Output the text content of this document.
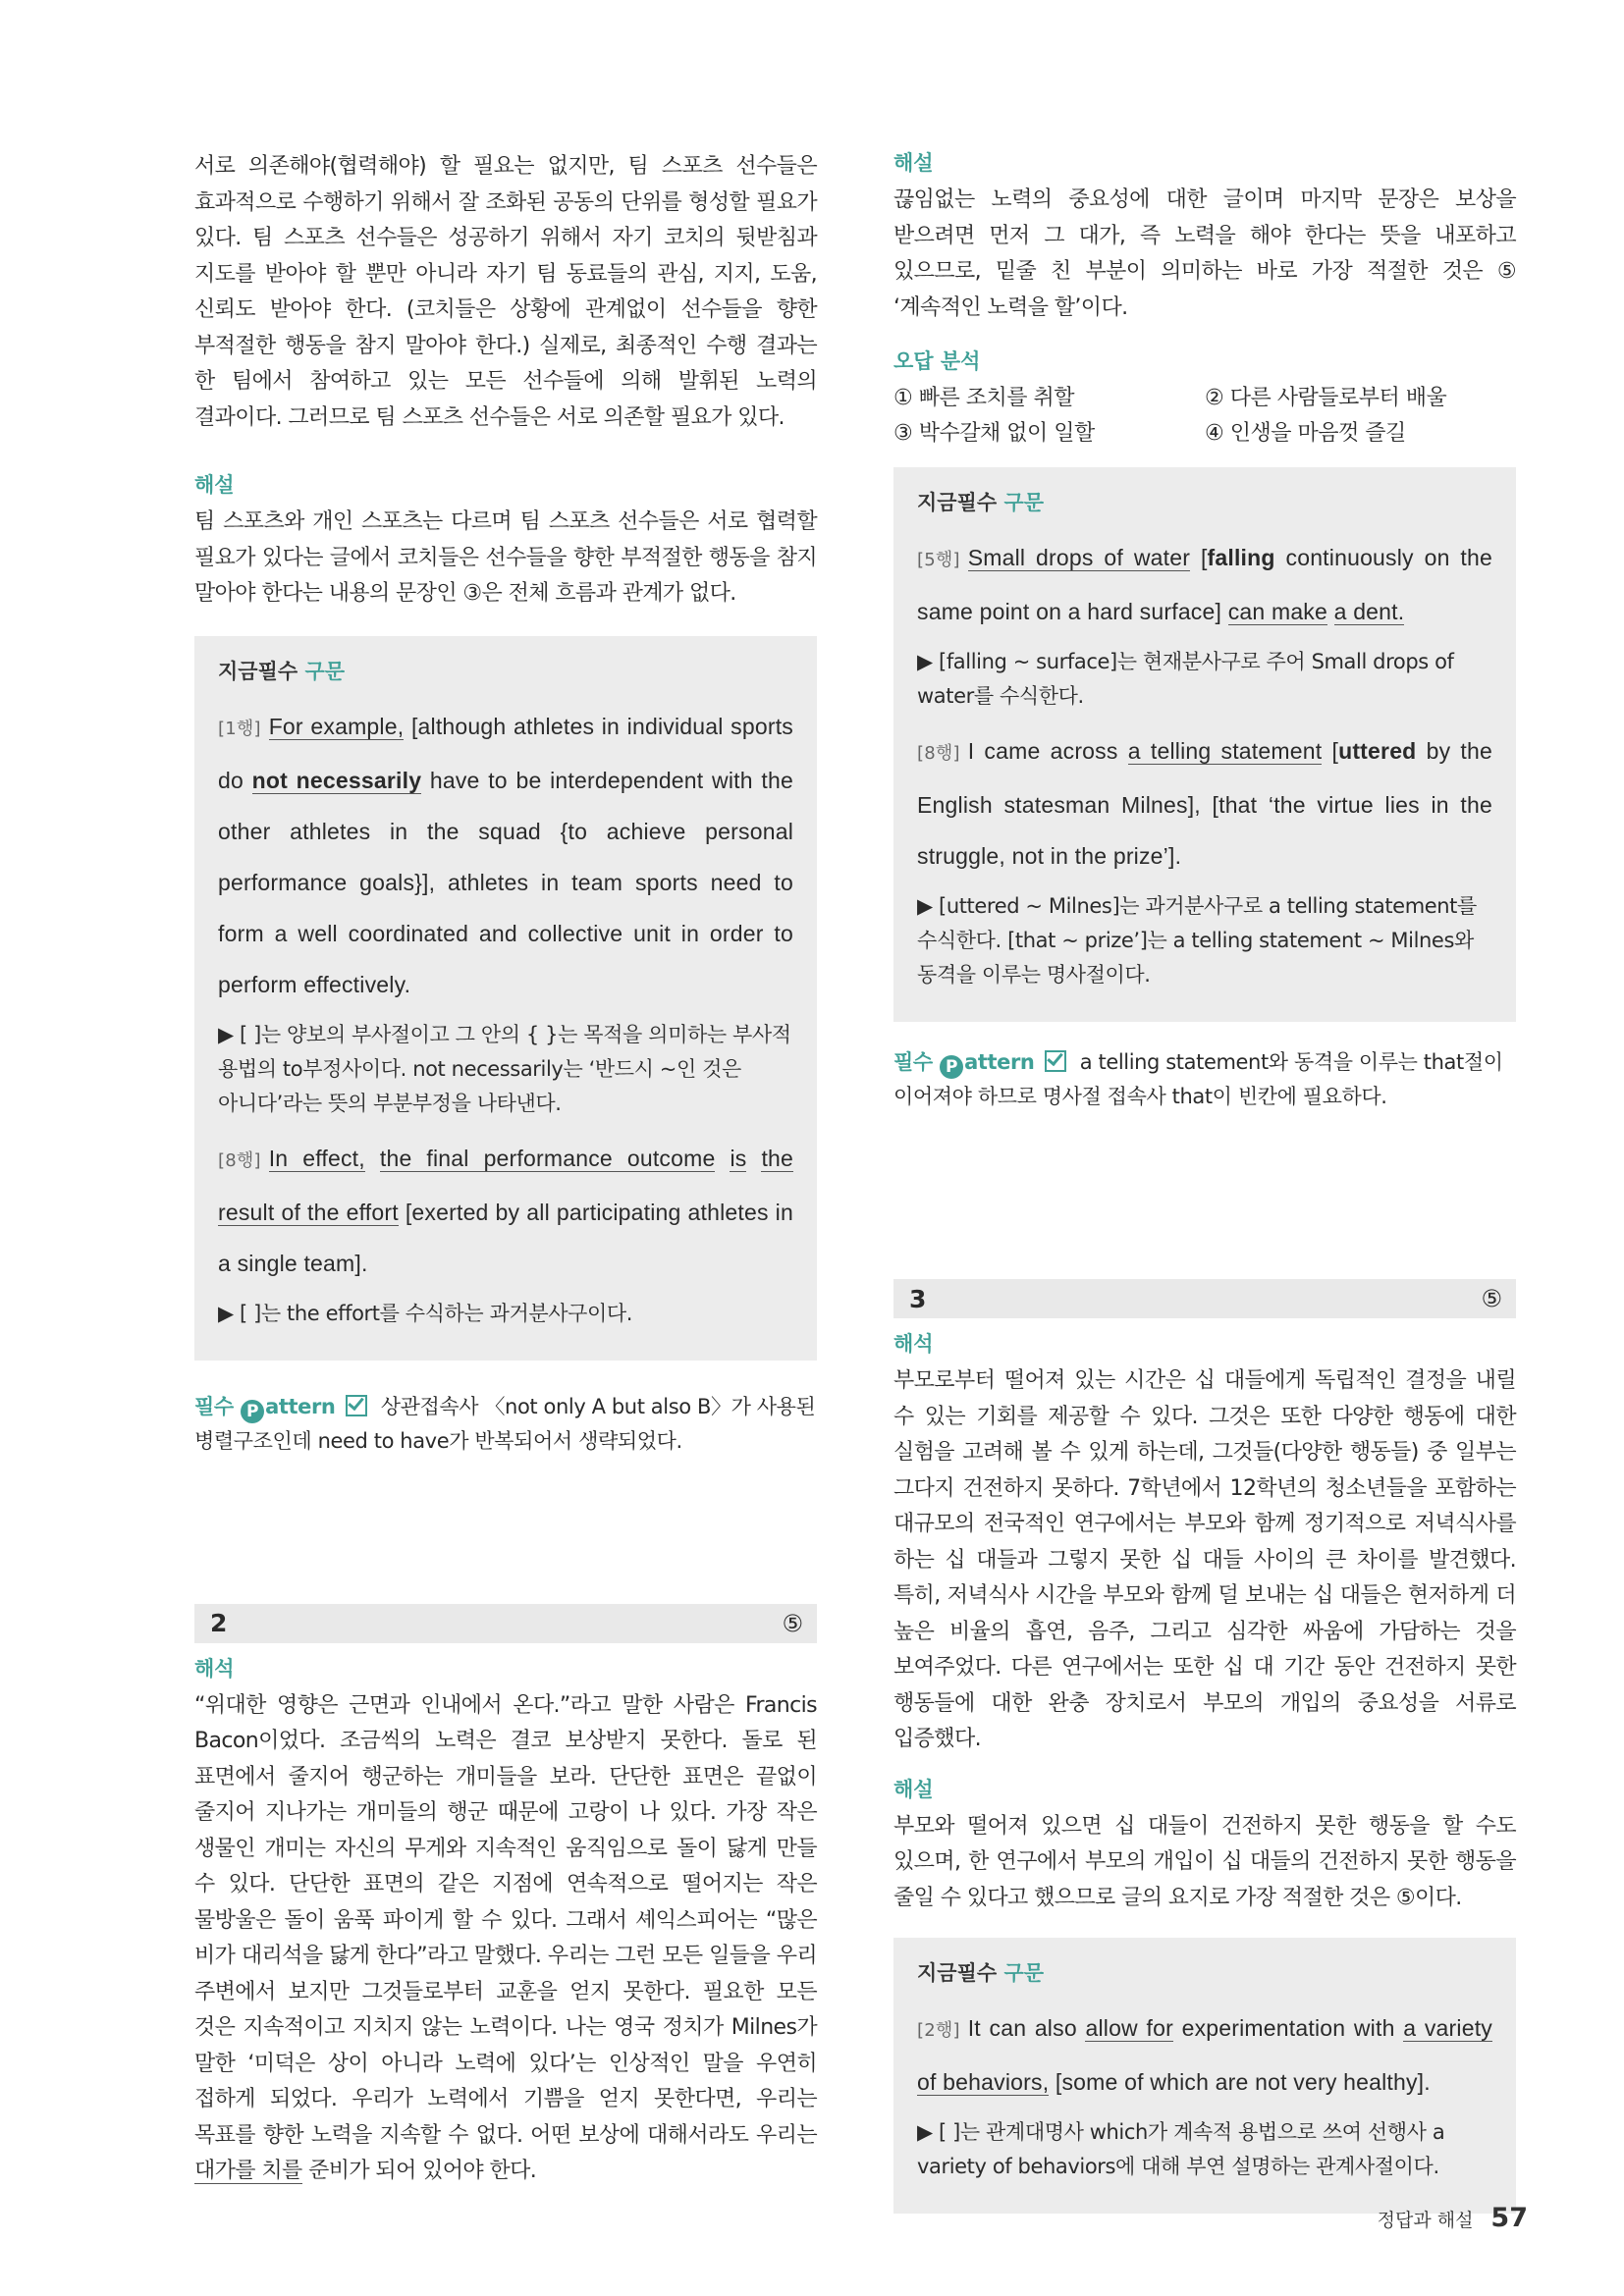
서로 의존해야(협력해야) 할 필요는 없지만, 팀 스포츠 선수들은 효과적으로 수행하기 위해서 잘 조화된 공동의 단위를 형성할 필요가 있다. 팀 스포츠 선수들은 성공하기 위해서 자기 코치의 뒷받침과 지도를 받아야 할 뿐만 아니라 자기 팀 동료들의 관심, 지지, 도움, 신뢰도 받아야 한다. (코치들은 상황에 관계없이 선수들을 향한 부적절한 행동을 참지 말아야 한다.) 실제로, 최종적인 수행 결과는 한 팀에서 참여하고 있는 모든 선수들에 의해 발휘된 노력의 결과이다. 그러므로 팀 스포츠 선수들은 서로 의존할 필요가 있다.

해설

팀 스포츠와 개인 스포츠는 다르며 팀 스포츠 선수들은 서로 협력할 필요가 있다는 글에서 코치들은 선수들을 향한 부적절한 행동을 참지 말아야 한다는 내용의 문장인 ③은 전체 흐름과 관계가 없다.

지금필수 구문

[1행] For example, [although athletes in individual sports do not necessarily have to be interdependent with the other athletes in the squad {to achieve personal performance goals}], athletes in team sports need to form a well coordinated and collective unit in order to perform effectively.

▶ [ ]는 양보의 부사절이고 그 안의 { }는 목적을 의미하는 부사적 용법의 to부정사이다. not necessarily는 ‘반드시 ~인 것은 아니다’라는 뜻의 부분부정을 나타낸다.

[8행] In effect, the final performance outcome is the result of the effort [exerted by all participating athletes in a single team].

▶ [ ]는 the effort를 수식하는 과거분사구이다.

필수 P attern 상관접속사 〈not only A but also B〉가 사용된 병렬구조인데 need to have가 반복되어서 생략되었다.

2	⑤

해석

“위대한 영향은 근면과 인내에서 온다.”라고 말한 사람은 Francis Bacon이었다. 조금씩의 노력은 결코 보상받지 못한다. 돌로 된 표면에서 줄지어 행군하는 개미들을 보라. 단단한 표면은 끝없이 줄지어 지나가는 개미들의 행군 때문에 고랑이 나 있다. 가장 작은 생물인 개미는 자신의 무게와 지속적인 움직임으로 돌이 닳게 만들 수 있다. 단단한 표면의 같은 지점에 연속적으로 떨어지는 작은 물방울은 돌이 움푹 파이게 할 수 있다. 그래서 셰익스피어는 “많은 비가 대리석을 닳게 한다”라고 말했다. 우리는 그런 모든 일들을 우리 주변에서 보지만 그것들로부터 교훈을 얻지 못한다. 필요한 모든 것은 지속적이고 지치지 않는 노력이다. 나는 영국 정치가 Milnes가 말한 ‘미덕은 상이 아니라 노력에 있다’는 인상적인 말을 우연히 접하게 되었다. 우리가 노력에서 기쁨을 얻지 못한다면, 우리는 목표를 향한 노력을 지속할 수 없다. 어떤 보상에 대해서라도 우리는 대가를 치를 준비가 되어 있어야 한다.

해설

끊임없는 노력의 중요성에 대한 글이며 마지막 문장은 보상을 받으려면 먼저 그 대가, 즉 노력을 해야 한다는 뜻을 내포하고 있으므로, 밑줄 친 부분이 의미하는 바로 가장 적절한 것은 ⑤ ‘계속적인 노력을 할’이다.

오답 분석

① 빠른 조치를 취할	② 다른 사람들로부터 배울
③ 박수갈채 없이 일할	④ 인생을 마음껏 즐길

지금필수 구문

[5행] Small drops of water [falling continuously on the same point on a hard surface] can make a dent.

▶ [falling ~ surface]는 현재분사구로 주어 Small drops of water를 수식한다.

[8행] I came across a telling statement [uttered by the English statesman Milnes], [that ‘the virtue lies in the struggle, not in the prize’].

▶ [uttered ~ Milnes]는 과거분사구로 a telling statement를 수식한다. [that ~ prize’]는 a telling statement ~ Milnes와 동격을 이루는 명사절이다.

필수 P attern a telling statement와 동격을 이루는 that절이 이어져야 하므로 명사절 접속사 that이 빈칸에 필요하다.

3	⑤

해석

부모로부터 떨어져 있는 시간은 십 대들에게 독립적인 결정을 내릴 수 있는 기회를 제공할 수 있다. 그것은 또한 다양한 행동에 대한 실험을 고려해 볼 수 있게 하는데, 그것들(다양한 행동들) 중 일부는 그다지 건전하지 못하다. 7학년에서 12학년의 청소년들을 포함하는 대규모의 전국적인 연구에서는 부모와 함께 정기적으로 저녁식사를 하는 십 대들과 그렇지 못한 십 대들 사이의 큰 차이를 발견했다. 특히, 저녁식사 시간을 부모와 함께 덜 보내는 십 대들은 현저하게 더 높은 비율의 흡연, 음주, 그리고 심각한 싸움에 가담하는 것을 보여주었다. 다른 연구에서는 또한 십 대 기간 동안 건전하지 못한 행동들에 대한 완충 장치로서 부모의 개입의 중요성을 서류로 입증했다.

해설

부모와 떨어져 있으면 십 대들이 건전하지 못한 행동을 할 수도 있으며, 한 연구에서 부모의 개입이 십 대들의 건전하지 못한 행동을 줄일 수 있다고 했으므로 글의 요지로 가장 적절한 것은 ⑤이다.

지금필수 구문

[2행] It can also allow for experimentation with a variety of behaviors, [some of which are not very healthy].

▶ [ ]는 관계대명사 which가 계속적 용법으로 쓰여 선행사 a variety of behaviors에 대해 부연 설명하는 관계사절이다.

정답과 해설 57
